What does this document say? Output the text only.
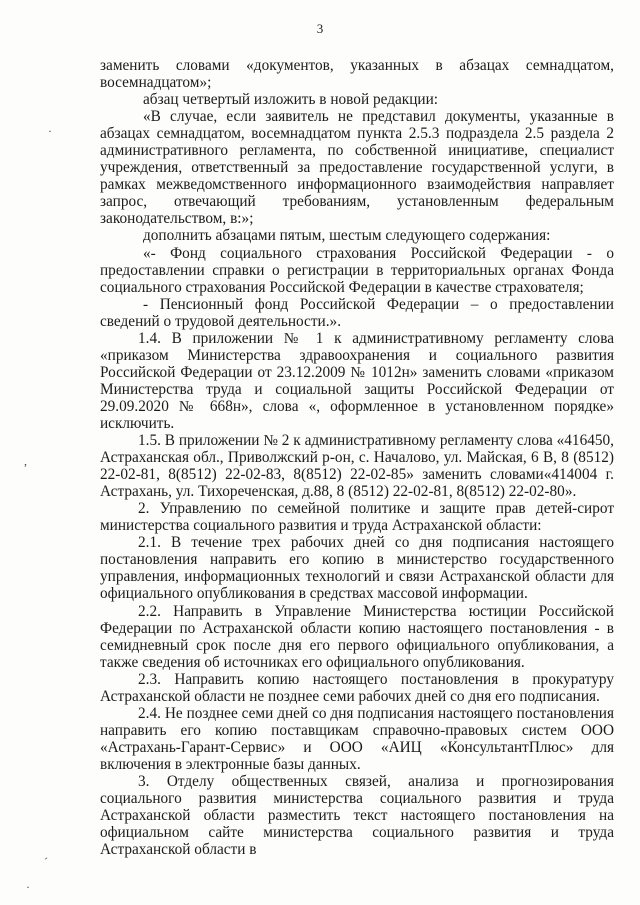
3
·
,
ˊ
·

заменить словами «документов, указанных в абзацах семнадцатом, восемнадцатом»;

абзац четвертый изложить в новой редакции:

«В случае, если заявитель не представил документы, указанные в абзацах семнадцатом, восемнадцатом пункта 2.5.3 подраздела 2.5 раздела 2 административного регламента, по собственной инициативе, специалист учреждения, ответственный за предоставление государственной услуги, в рамках межведомственного информационного взаимодействия направляет запрос, отвечающий требованиям, установленным федеральным законодательством, в:»;

дополнить абзацами пятым, шестым следующего содержания:

«- Фонд социального страхования Российской Федерации - о предоставлении справки о регистрации в территориальных органах Фонда социального страхования Российской Федерации в качестве страхователя;

- Пенсионный фонд Российской Федерации – о предоставлении сведений о трудовой деятельности.».

1.4. В приложении № 1 к административному регламенту слова «приказом Министерства здравоохранения и социального развития Российской Федерации от 23.12.2009 № 1012н» заменить словами «приказом Министерства труда и социальной защиты Российской Федерации от 29.09.2020 № 668н», слова «, оформленное в установленном порядке» исключить.

1.5. В приложении № 2 к административному регламенту слова «416450, Астраханская обл., Приволжский р-он, с. Началово, ул. Майская, 6 В, 8 (8512) 22-02-81, 8(8512) 22-02-83, 8(8512) 22-02-85» заменить словами«414004 г. Астрахань, ул. Тихореченская, д.88, 8 (8512) 22-02-81, 8(8512) 22-02-80».

2. Управлению по семейной политике и защите прав детей-сирот министерства социального развития и труда Астраханской области:

2.1. В течение трех рабочих дней со дня подписания настоящего постановления направить его копию в министерство государственного управления, информационных технологий и связи Астраханской области для официального опубликования в средствах массовой информации.

2.2. Направить в Управление Министерства юстиции Российской Федерации по Астраханской области копию настоящего постановления - в семидневный срок после дня его первого официального опубликования, а также сведения об источниках его официального опубликования.

2.3. Направить копию настоящего постановления в прокуратуру Астраханской области не позднее семи рабочих дней со дня его подписания.

2.4. Не позднее семи дней со дня подписания настоящего постановления направить его копию поставщикам справочно-правовых систем ООО «Астрахань-Гарант-Сервис» и ООО «АИЦ «КонсультантПлюс» для включения в электронные базы данных.

3. Отделу общественных связей, анализа и прогнозирования социального развития министерства социального развития и труда Астраханской области разместить текст настоящего постановления на официальном сайте министерства социального развития и труда Астраханской области в
